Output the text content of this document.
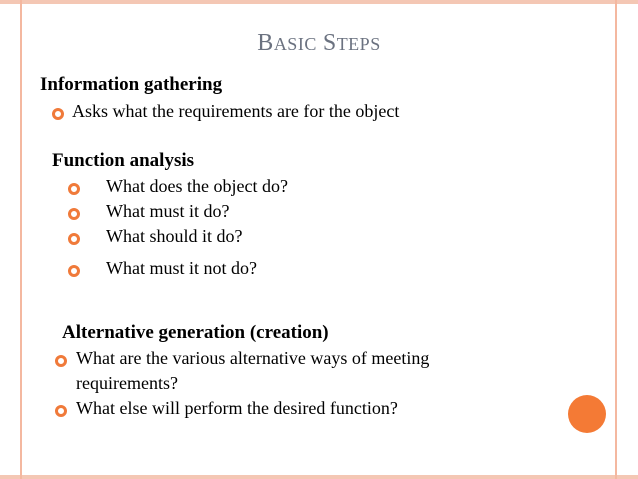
BASIC STEPS
Information gathering
Asks what the requirements are for the object
Function analysis
What does the object do?
What must it do?
What should it do?
What must it not do?
Alternative generation (creation)
What are the various alternative ways of meeting
requirements?
What else will perform the desired function?
